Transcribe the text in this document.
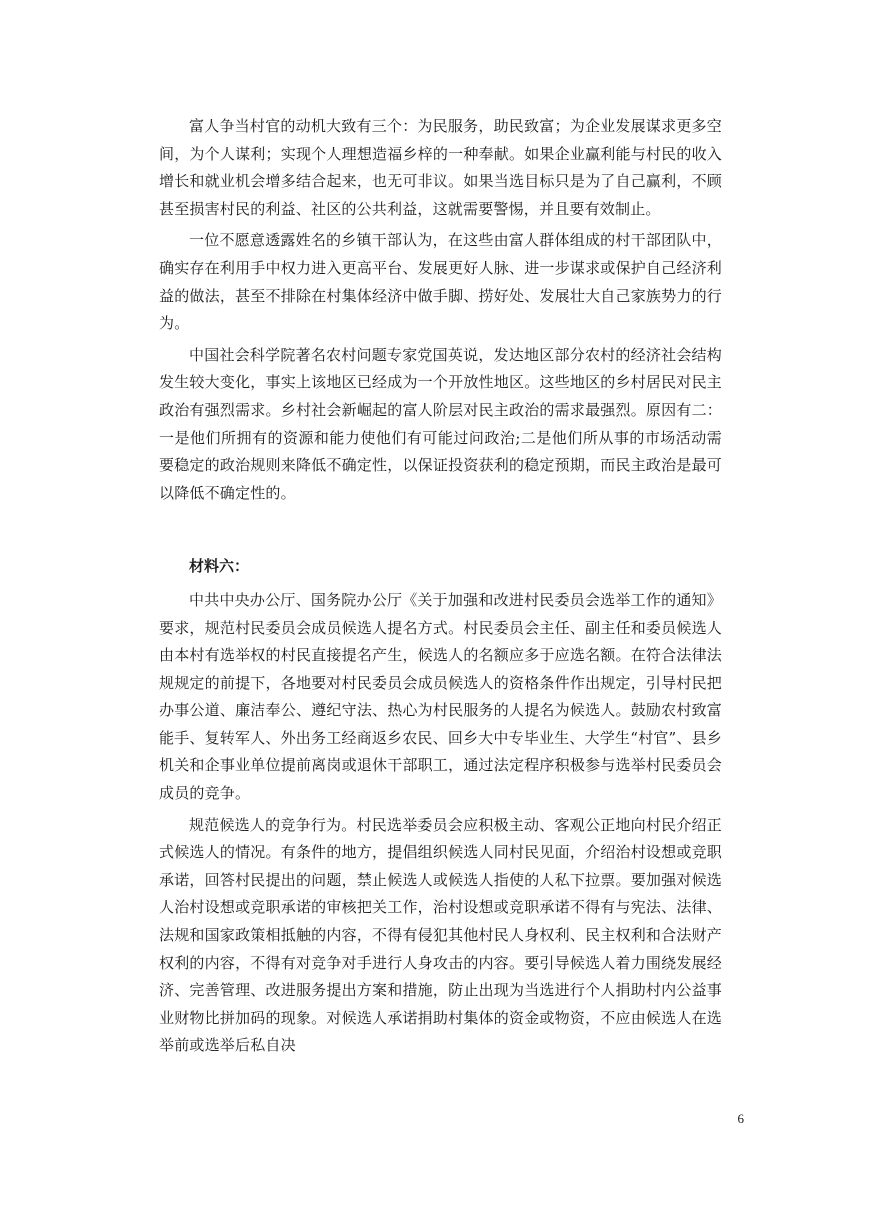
富人争当村官的动机大致有三个：为民服务，助民致富；为企业发展谋求更多空间，为个人谋利；实现个人理想造福乡梓的一种奉献。如果企业赢利能与村民的收入增长和就业机会增多结合起来，也无可非议。如果当选目标只是为了自己赢利，不顾甚至损害村民的利益、社区的公共利益，这就需要警惕，并且要有效制止。

一位不愿意透露姓名的乡镇干部认为，在这些由富人群体组成的村干部团队中，确实存在利用手中权力进入更高平台、发展更好人脉、进一步谋求或保护自己经济利益的做法，甚至不排除在村集体经济中做手脚、捞好处、发展壮大自己家族势力的行为。

中国社会科学院著名农村问题专家党国英说，发达地区部分农村的经济社会结构发生较大变化，事实上该地区已经成为一个开放性地区。这些地区的乡村居民对民主政治有强烈需求。乡村社会新崛起的富人阶层对民主政治的需求最强烈。原因有二：一是他们所拥有的资源和能力使他们有可能过问政治;二是他们所从事的市场活动需要稳定的政治规则来降低不确定性，以保证投资获利的稳定预期，而民主政治是最可以降低不确定性的。

材料六：

中共中央办公厅、国务院办公厅《关于加强和改进村民委员会选举工作的通知》要求，规范村民委员会成员候选人提名方式。村民委员会主任、副主任和委员候选人由本村有选举权的村民直接提名产生，候选人的名额应多于应选名额。在符合法律法规规定的前提下，各地要对村民委员会成员候选人的资格条件作出规定，引导村民把办事公道、廉洁奉公、遵纪守法、热心为村民服务的人提名为候选人。鼓励农村致富能手、复转军人、外出务工经商返乡农民、回乡大中专毕业生、大学生“村官”、县乡机关和企事业单位提前离岗或退休干部职工，通过法定程序积极参与选举村民委员会成员的竞争。

规范候选人的竞争行为。村民选举委员会应积极主动、客观公正地向村民介绍正式候选人的情况。有条件的地方，提倡组织候选人同村民见面，介绍治村设想或竞职承诺，回答村民提出的问题，禁止候选人或候选人指使的人私下拉票。要加强对候选人治村设想或竞职承诺的审核把关工作，治村设想或竞职承诺不得有与宪法、法律、法规和国家政策相抵触的内容，不得有侵犯其他村民人身权利、民主权利和合法财产权利的内容，不得有对竞争对手进行人身攻击的内容。要引导候选人着力围绕发展经济、完善管理、改进服务提出方案和措施，防止出现为当选进行个人捐助村内公益事业财物比拼加码的现象。对候选人承诺捐助村集体的资金或物资，不应由候选人在选举前或选举后私自决

6
